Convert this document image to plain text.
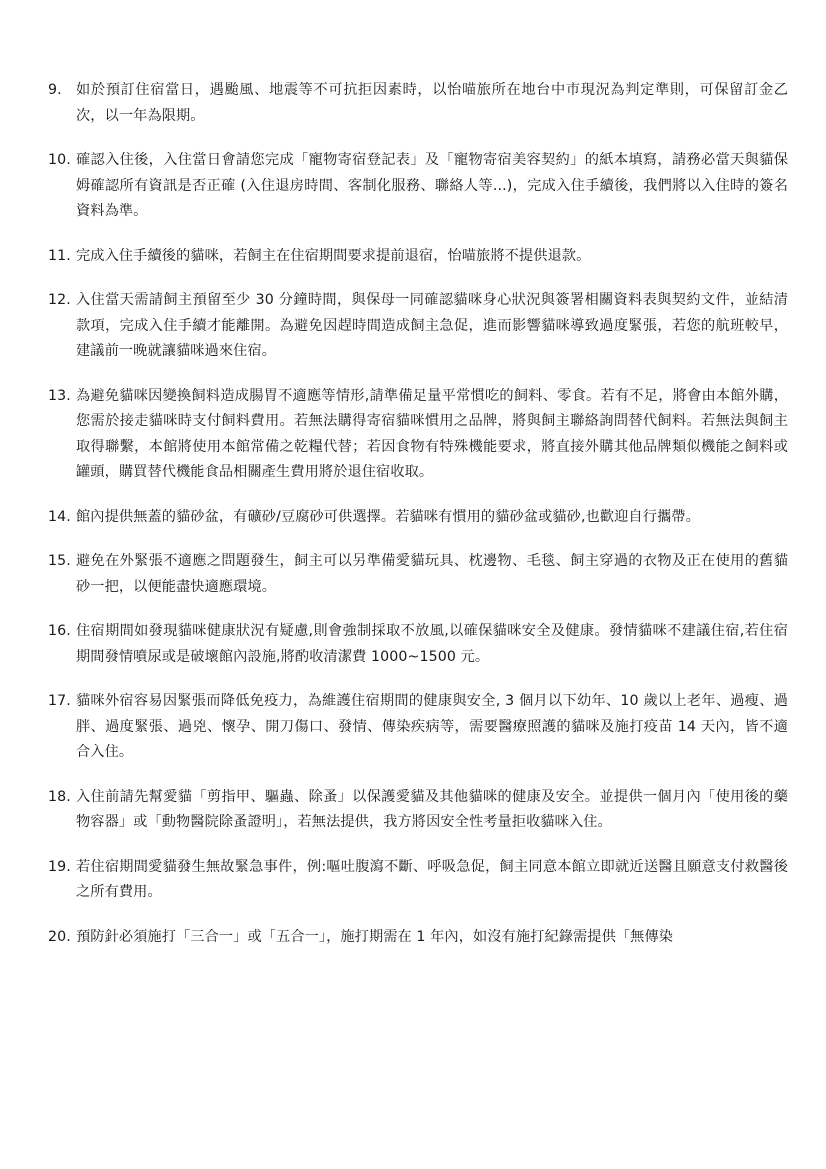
9.	如於預訂住宿當日，遇颱風、地震等不可抗拒因素時，以怡喵旅所在地台中市現況為判定準則，可保留訂金乙次，以一年為限期。
10. 確認入住後，入住當日會請您完成「寵物寄宿登記表」及「寵物寄宿美容契約」的紙本填寫，請務必當天與貓保姆確認所有資訊是否正確 (入住退房時間、客制化服務、聯絡人等...)，完成入住手續後，我們將以入住時的簽名資料為準。
11. 完成入住手續後的貓咪，若飼主在住宿期間要求提前退宿，怡喵旅將不提供退款。
12. 入住當天需請飼主預留至少 30 分鐘時間，與保母一同確認貓咪身心狀況與簽署相關資料表與契約文件，並結清款項，完成入住手續才能離開。為避免因趕時間造成飼主急促，進而影響貓咪導致過度緊張，若您的航班較早，建議前一晚就讓貓咪過來住宿。
13. 為避免貓咪因變換飼料造成腸胃不適應等情形,請準備足量平常慣吃的飼料、零食。若有不足，將會由本館外購，您需於接走貓咪時支付飼料費用。若無法購得寄宿貓咪慣用之品牌，將與飼主聯絡詢問替代飼料。若無法與飼主取得聯繫，本館將使用本館常備之乾糧代替；若因食物有特殊機能要求，將直接外購其他品牌類似機能之飼料或罐頭，購買替代機能食品相關產生費用將於退住宿收取。
14. 館內提供無蓋的貓砂盆，有礦砂/豆腐砂可供選擇。若貓咪有慣用的貓砂盆或貓砂,也歡迎自行攜帶。
15. 避免在外緊張不適應之問題發生，飼主可以另準備愛貓玩具、枕邊物、毛毯、飼主穿過的衣物及正在使用的舊貓砂一把，以便能盡快適應環境。
16. 住宿期間如發現貓咪健康狀況有疑慮,則會強制採取不放風,以確保貓咪安全及健康。發情貓咪不建議住宿,若住宿期間發情噴尿或是破壞館內設施,將酌收清潔費 1000~1500 元。
17. 貓咪外宿容易因緊張而降低免疫力，為維護住宿期間的健康與安全, 3 個月以下幼年、10 歲以上老年、過瘦、過胖、過度緊張、過兇、懷孕、開刀傷口、發情、傳染疾病等，需要醫療照護的貓咪及施打疫苗 14 天內，皆不適合入住。
18. 入住前請先幫愛貓「剪指甲、驅蟲、除蚤」以保護愛貓及其他貓咪的健康及安全。並提供一個月內「使用後的藥物容器」或「動物醫院除蚤證明」，若無法提供，我方將因安全性考量拒收貓咪入住。
19. 若住宿期間愛貓發生無故緊急事件，例:嘔吐腹瀉不斷、呼吸急促，飼主同意本館立即就近送醫且願意支付救醫後之所有費用。
20. 預防針必須施打「三合一」或「五合一」，施打期需在 1 年內，如沒有施打紀錄需提供「無傳染
